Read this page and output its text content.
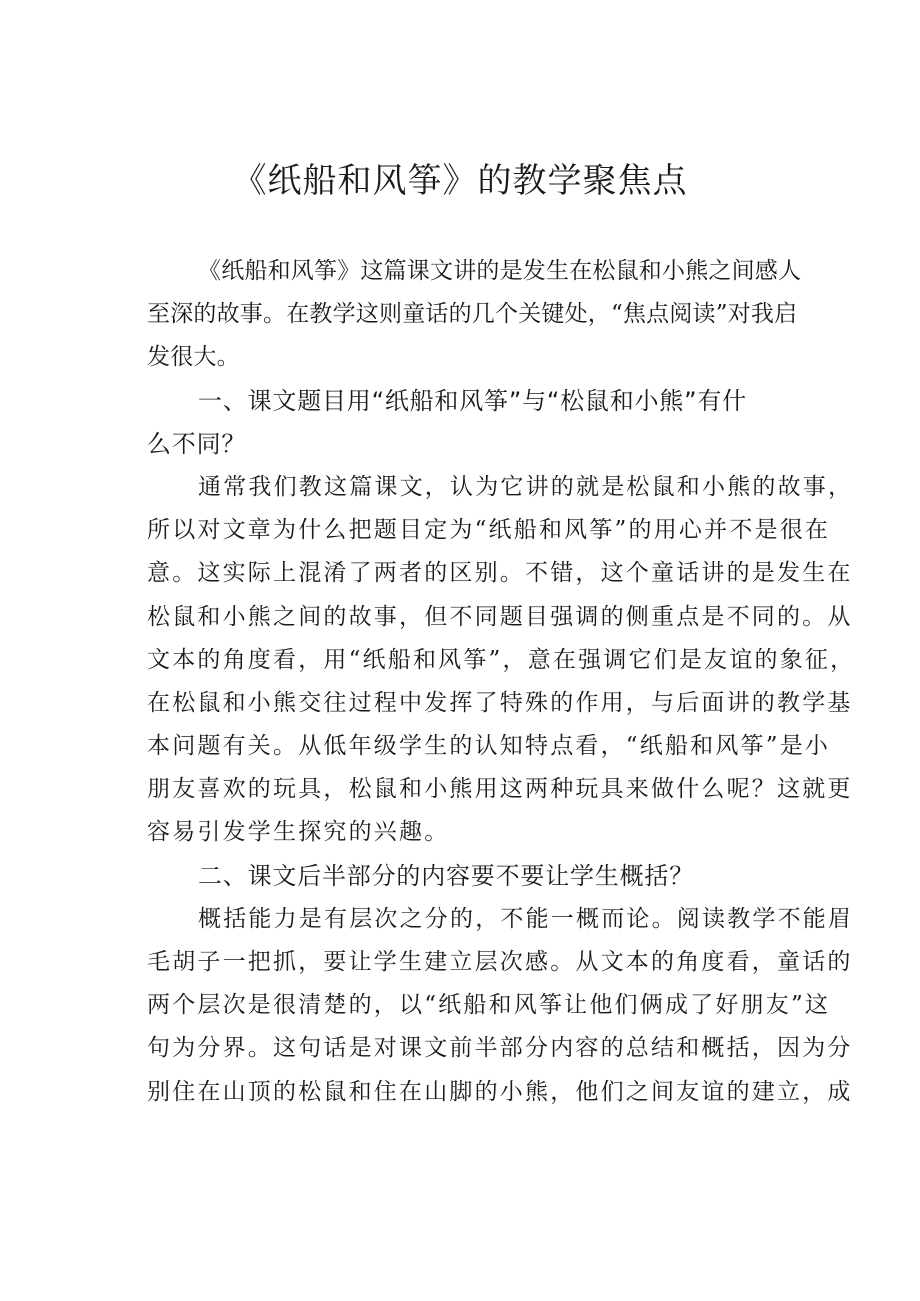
《纸船和风筝》的教学聚焦点

《纸船和风筝》这篇课文讲的是发生在松鼠和小熊之间感人

至深的故事。在教学这则童话的几个关键处，“焦点阅读”对我启

发很大。

一、课文题目用“纸船和风筝”与“松鼠和小熊”有什

么不同？

通常我们教这篇课文，认为它讲的就是松鼠和小熊的故事，

所以对文章为什么把题目定为“纸船和风筝”的用心并不是很在

意。这实际上混淆了两者的区别。不错，这个童话讲的是发生在

松鼠和小熊之间的故事，但不同题目强调的侧重点是不同的。从

文本的角度看，用“纸船和风筝”，意在强调它们是友谊的象征，

在松鼠和小熊交往过程中发挥了特殊的作用，与后面讲的教学基

本问题有关。从低年级学生的认知特点看，“纸船和风筝”是小

朋友喜欢的玩具，松鼠和小熊用这两种玩具来做什么呢？这就更

容易引发学生探究的兴趣。

二、课文后半部分的内容要不要让学生概括？

概括能力是有层次之分的，不能一概而论。阅读教学不能眉

毛胡子一把抓，要让学生建立层次感。从文本的角度看，童话的

两个层次是很清楚的，以“纸船和风筝让他们俩成了好朋友”这

句为分界。这句话是对课文前半部分内容的总结和概括，因为分

别住在山顶的松鼠和住在山脚的小熊，他们之间友谊的建立，成
